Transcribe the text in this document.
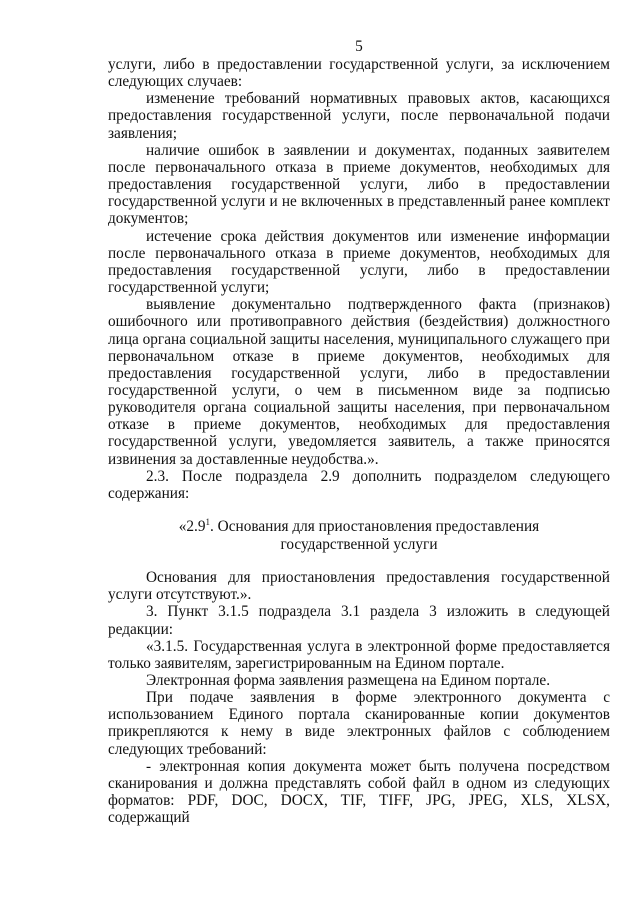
5

услуги, либо в предоставлении государственной услуги, за исключением следующих случаев:

изменение требований нормативных правовых актов, касающихся предоставления государственной услуги, после первоначальной подачи заявления;

наличие ошибок в заявлении и документах, поданных заявителем после первоначального отказа в приеме документов, необходимых для предоставления государственной услуги, либо в предоставлении государственной услуги и не включенных в представленный ранее комплект документов;

истечение срока действия документов или изменение информации после первоначального отказа в приеме документов, необходимых для предоставления государственной услуги, либо в предоставлении государственной услуги;

выявление документально подтвержденного факта (признаков) ошибочного или противоправного действия (бездействия) должностного лица органа социальной защиты населения, муниципального служащего при первоначальном отказе в приеме документов, необходимых для предоставления государственной услуги, либо в предоставлении государственной услуги, о чем в письменном виде за подписью руководителя органа социальной защиты населения, при первоначальном отказе в приеме документов, необходимых для предоставления государственной услуги, уведомляется заявитель, а также приносятся извинения за доставленные неудобства.».

2.3. После подраздела 2.9 дополнить подразделом следующего содержания:

«$2.9^1$. Основания для приостановления предоставления
государственной услуги

Основания для приостановления предоставления государственной услуги отсутствуют.».

3. Пункт 3.1.5 подраздела 3.1 раздела 3 изложить в следующей редакции:

«3.1.5. Государственная услуга в электронной форме предоставляется только заявителям, зарегистрированным на Едином портале.

Электронная форма заявления размещена на Едином портале.

При подаче заявления в форме электронного документа с использованием Единого портала сканированные копии документов прикрепляются к нему в виде электронных файлов с соблюдением следующих требований:

- электронная копия документа может быть получена посредством сканирования и должна представлять собой файл в одном из следующих форматов: PDF, DOC, DOCX, TIF, TIFF, JPG, JPEG, XLS, XLSX, содержащий
